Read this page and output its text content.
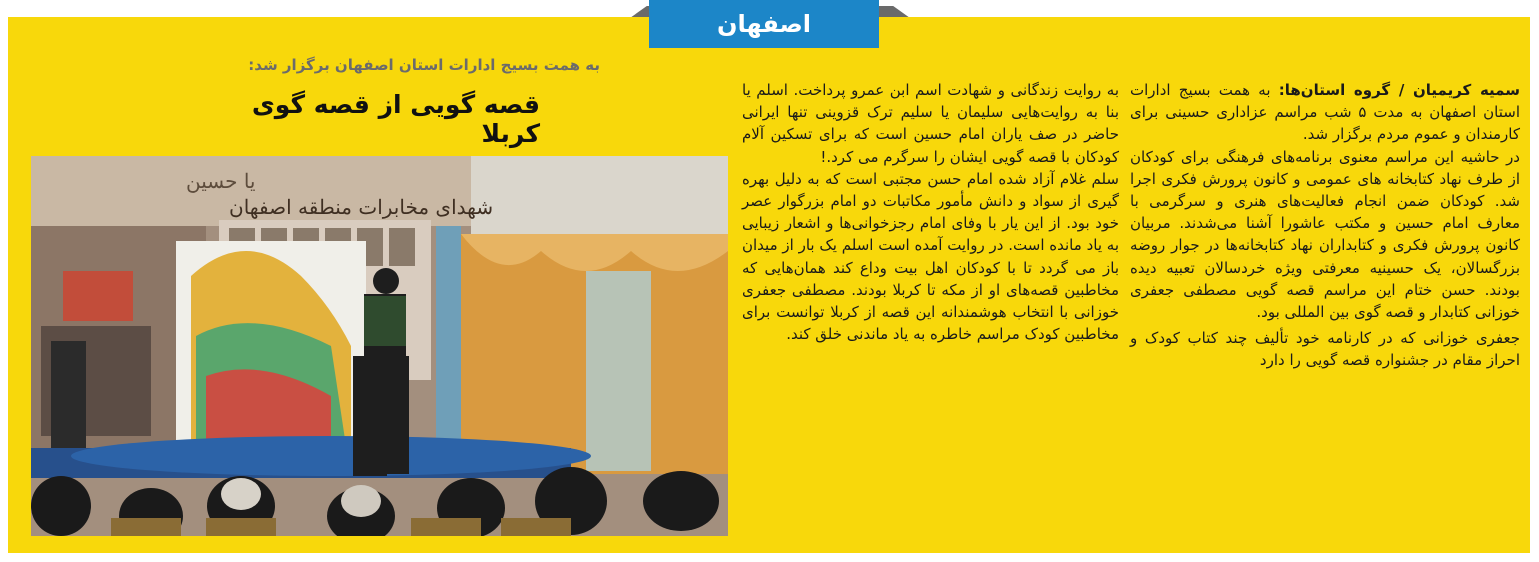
اصفهان

سمیه کریمیان / گروه استان‌ها: به همت بسیج ادارات استان اصفهان به مدت ۵ شب مراسم عزاداری حسینی برای کارمندان و عموم مردم برگزار شد.

در حاشیه این مراسم معنوی برنامه‌های فرهنگی برای کودکان از طرف نهاد کتابخانه های عمومی و کانون پرورش فکری اجرا شد. کودکان ضمن انجام فعالیت‌های هنری و سرگرمی با معارف امام حسین و مکتب عاشورا آشنا می‌شدند. مربیان کانون پرورش فکری و کتابداران نهاد کتابخانه‌ها در جوار روضه بزرگسالان، یک حسینیه معرفتی ویژه خردسالان تعبیه دیده بودند. حسن ختام این مراسم قصه گویی مصطفی جعفری خوزانی کتابدار و قصه گوی بین المللی بود.

جعفری خوزانی که در کارنامه خود تألیف چند کتاب کودک و احراز مقام در جشنواره قصه گویی را دارد

به روایت زندگانی و شهادت اسم ابن عمرو پرداخت. اسلم یا بنا به روایت‌هایی سلیمان یا سلیم ترک قزوینی تنها ایرانی حاضر در صف یاران امام حسین است که برای تسکین آلام کودکان با قصه گویی ایشان را سرگرم می کرد.!

سلم غلام آزاد شده امام حسن مجتبی است که به دلیل بهره گیری از سواد و دانش مأمور مکاتبات دو امام بزرگوار عصر خود بود. از این یار با وفای امام رجزخوانی‌ها و اشعار زیبایی به یاد مانده است. در روایت آمده است اسلم یک بار از میدان باز می گردد تا با کودکان اهل بیت وداع کند همان‌هایی که مخاطبین قصه‌های او از مکه تا کربلا بودند. مصطفی جعفری خوزانی با انتخاب هوشمندانه این قصه از کربلا توانست برای مخاطبین کودک مراسم خاطره به یاد ماندنی خلق کند.

به همت بسیج ادارات استان اصفهان برگزار شد:
قصه گویی از قصه گوی کربلا
یا حسین
شهدای مخابرات منطقه اصفهان
